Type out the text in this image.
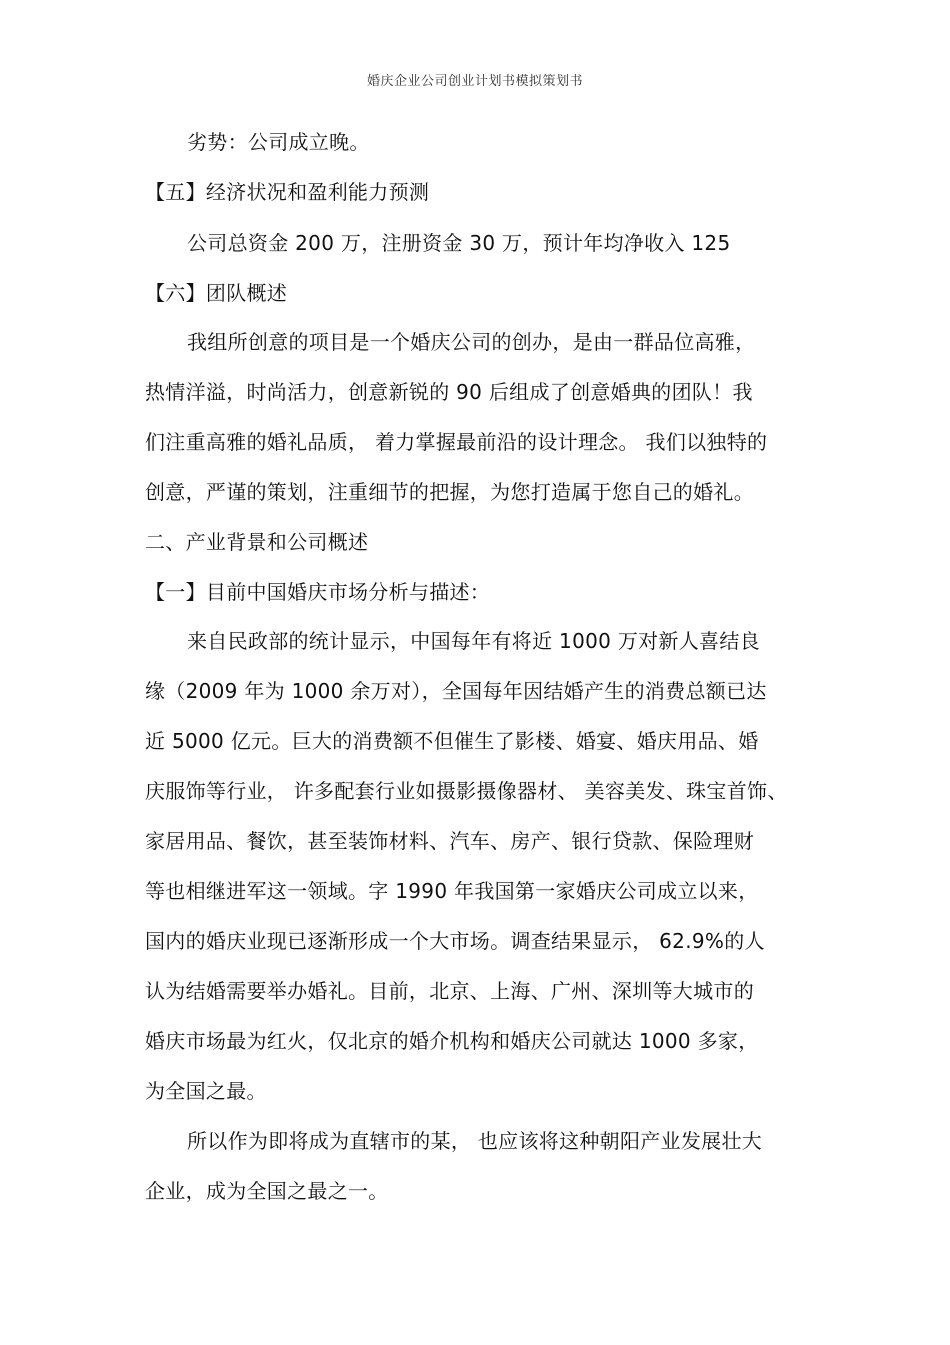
婚庆企业公司创业计划书模拟策划书
劣势：公司成立晚。
【五】经济状况和盈利能力预测
公司总资金 200 万，注册资金 30 万，预计年均净收入 125
【六】团队概述
我组所创意的项目是一个婚庆公司的创办，是由一群品位高雅，
热情洋溢，时尚活力，创意新锐的 90 后组成了创意婚典的团队！我
们注重高雅的婚礼品质， 着力掌握最前沿的设计理念。 我们以独特的
创意，严谨的策划，注重细节的把握，为您打造属于您自己的婚礼。
二、产业背景和公司概述
【一】目前中国婚庆市场分析与描述：
来自民政部的统计显示，中国每年有将近 1000 万对新人喜结良
缘（2009 年为 1000 余万对），全国每年因结婚产生的消费总额已达
近 5000 亿元。巨大的消费额不但催生了影楼、婚宴、婚庆用品、婚
庆服饰等行业， 许多配套行业如摄影摄像器材、 美容美发、珠宝首饰、
家居用品、餐饮，甚至装饰材料、汽车、房产、银行贷款、保险理财
等也相继进军这一领域。字 1990 年我国第一家婚庆公司成立以来，
国内的婚庆业现已逐渐形成一个大市场。调查结果显示， 62.9%的人
认为结婚需要举办婚礼。目前，北京、上海、广州、深圳等大城市的
婚庆市场最为红火，仅北京的婚介机构和婚庆公司就达 1000 多家，
为全国之最。
所以作为即将成为直辖市的某， 也应该将这种朝阳产业发展壮大
企业，成为全国之最之一。
